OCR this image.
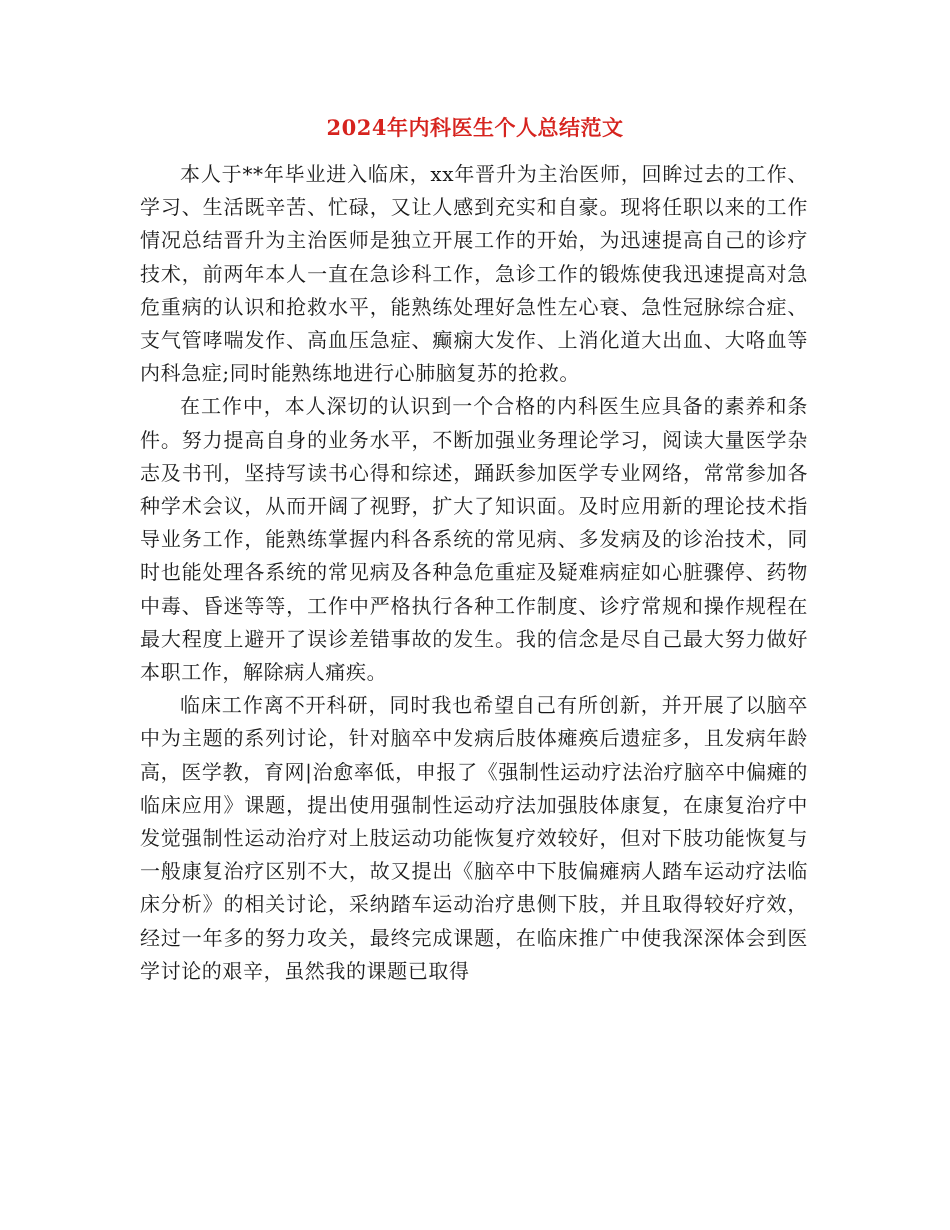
2024年内科医生个人总结范文

本人于**年毕业进入临床，xx年晋升为主治医师，回眸过去的工作、学习、生活既辛苦、忙碌，又让人感到充实和自豪。现将任职以来的工作情况总结晋升为主治医师是独立开展工作的开始，为迅速提高自己的诊疗技术，前两年本人一直在急诊科工作，急诊工作的锻炼使我迅速提高对急危重病的认识和抢救水平，能熟练处理好急性左心衰、急性冠脉综合症、支气管哮喘发作、高血压急症、癫痫大发作、上消化道大出血、大咯血等内科急症;同时能熟练地进行心肺脑复苏的抢救。

在工作中，本人深切的认识到一个合格的内科医生应具备的素养和条件。努力提高自身的业务水平，不断加强业务理论学习，阅读大量医学杂志及书刊，坚持写读书心得和综述，踊跃参加医学专业网络，常常参加各种学术会议，从而开阔了视野，扩大了知识面。及时应用新的理论技术指导业务工作，能熟练掌握内科各系统的常见病、多发病及的诊治技术，同时也能处理各系统的常见病及各种急危重症及疑难病症如心脏骤停、药物中毒、昏迷等等，工作中严格执行各种工作制度、诊疗常规和操作规程在最大程度上避开了误诊差错事故的发生。我的信念是尽自己最大努力做好本职工作，解除病人痛疾。

临床工作离不开科研，同时我也希望自己有所创新，并开展了以脑卒中为主题的系列讨论，针对脑卒中发病后肢体瘫痪后遗症多，且发病年龄高，医学教，育网|治愈率低，申报了《强制性运动疗法治疗脑卒中偏瘫的临床应用》课题，提出使用强制性运动疗法加强肢体康复，在康复治疗中发觉强制性运动治疗对上肢运动功能恢复疗效较好，但对下肢功能恢复与一般康复治疗区别不大，故又提出《脑卒中下肢偏瘫病人踏车运动疗法临床分析》的相关讨论，采纳踏车运动治疗患侧下肢，并且取得较好疗效，经过一年多的努力攻关，最终完成课题，在临床推广中使我深深体会到医学讨论的艰辛，虽然我的课题已取得
